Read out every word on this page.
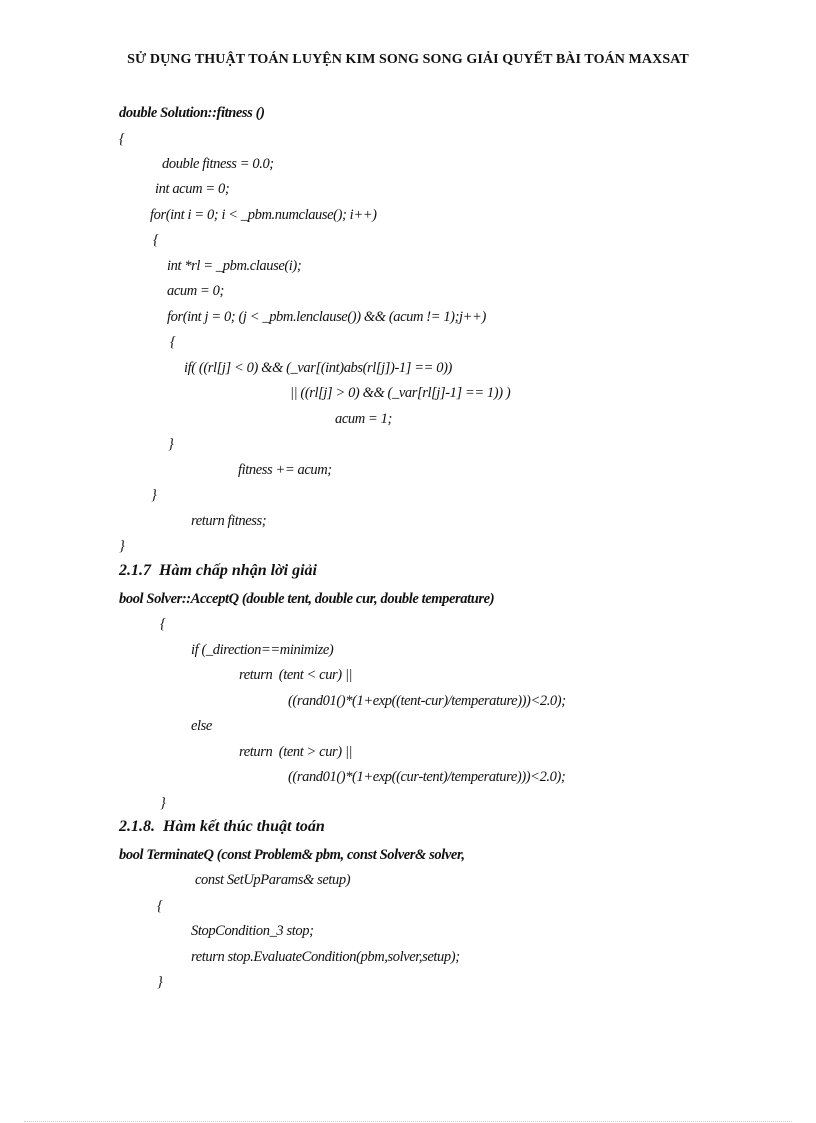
SỬ DỤNG THUẬT TOÁN LUYỆN KIM SONG SONG GIẢI QUYẾT BÀI TOÁN MAXSAT
double Solution::fitness ()
{
double fitness = 0.0;
int acum = 0;
for(int i = 0; i < _pbm.numclause(); i++)
{
int *rl = _pbm.clause(i);
acum = 0;
for(int j = 0; (j < _pbm.lenclause()) && (acum != 1);j++)
{
if( ((rl[j] < 0) && (_var[(int)abs(rl[j])-1] == 0))
|| ((rl[j] > 0) && (_var[rl[j]-1] == 1)) )
acum = 1;
}
fitness += acum;
}
return fitness;
}
2.1.7  Hàm chấp nhận lời giải
bool Solver::AcceptQ (double tent, double cur, double temperature)
{
if (_direction==minimize)
return  (tent < cur) ||
((rand01()*(1+exp((tent-cur)/temperature)))<2.0);
else
return  (tent > cur) ||
((rand01()*(1+exp((cur-tent)/temperature)))<2.0);
}
2.1.8.  Hàm kết thúc thuật toán
bool TerminateQ (const Problem& pbm, const Solver& solver,
const SetUpParams& setup)
{
StopCondition_3 stop;
return stop.EvaluateCondition(pbm,solver,setup);
}
